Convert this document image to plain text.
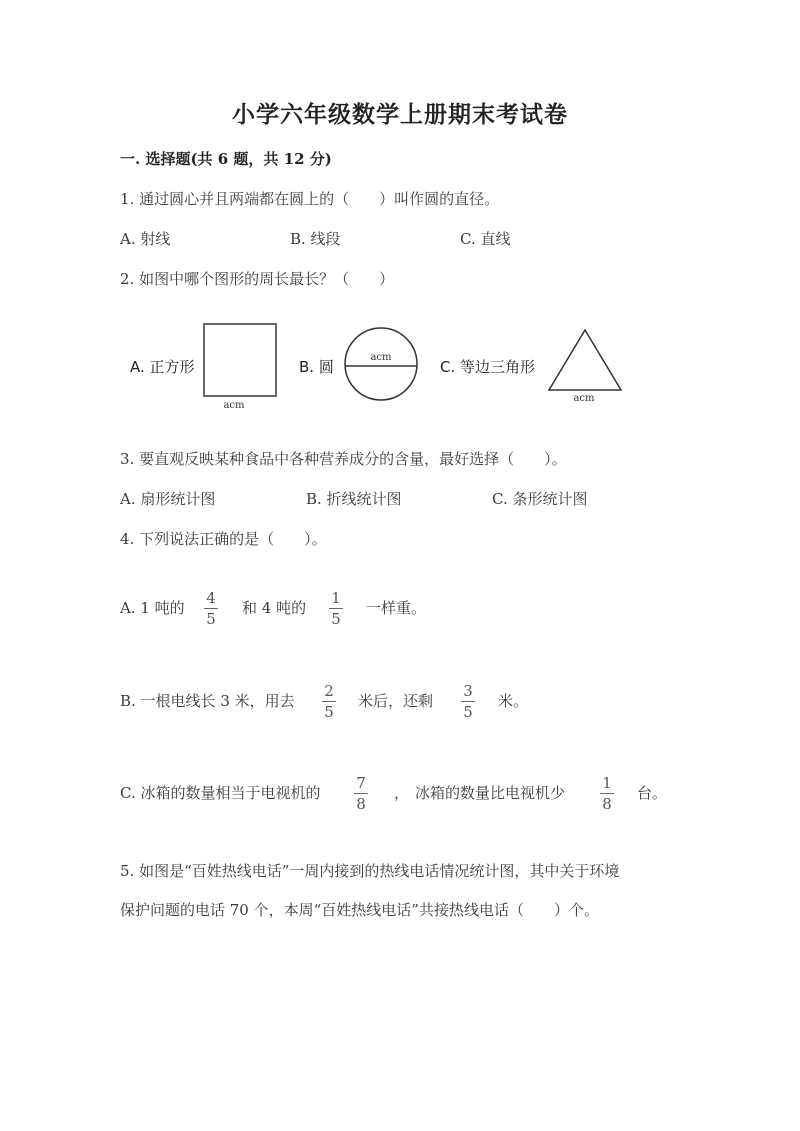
小学六年级数学上册期末考试卷
一. 选择题(共 6 题，共 12 分)
1. 通过圆心并且两端都在圆上的（　　）叫作圆的直径。
A. 射线	B. 线段	C. 直线
2. 如图中哪个图形的周长最长？（　　）
A. 正方形
acm
B. 圆
acm
C. 等边三角形
acm
3. 要直观反映某种食品中各种营养成分的含量，最好选择（　　）。
A. 扇形统计图	B. 折线统计图	C. 条形统计图
4. 下列说法正确的是（　　）。
A. 1 吨的
4
5
和 4 吨的
1
5
一样重。
B. 一根电线长 3 米，用去
2
5
米后，还剩
3
5
米。
C. 冰箱的数量相当于电视机的
7
8
， 冰箱的数量比电视机少
1
8
台。
5. 如图是“百姓热线电话”一周内接到的热线电话情况统计图，其中关于环境
保护问题的电话 70 个，本周“百姓热线电话”共接热线电话（　　）个。
